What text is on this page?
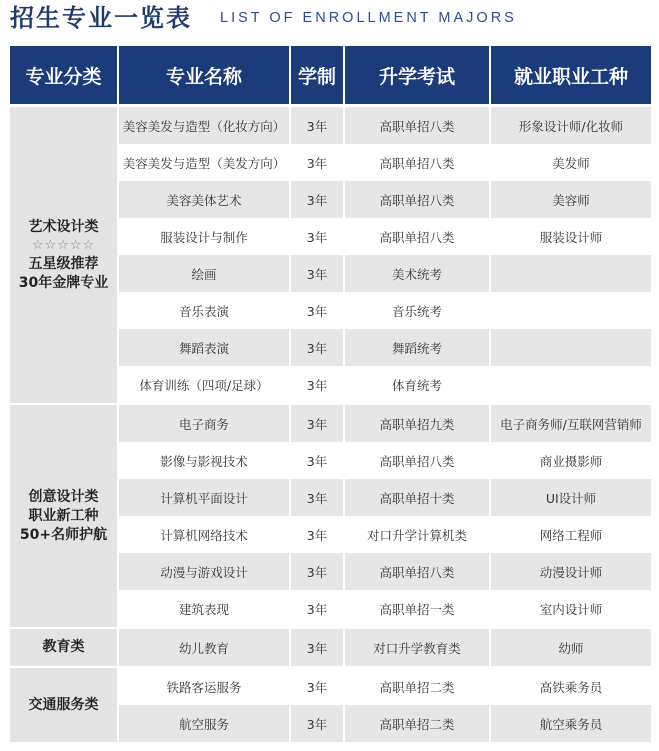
招生专业一览表 LIST OF ENROLLMENT MAJORS
专业分类	专业名称	学制	升学考试	就业职业工种
艺术设计类
☆☆☆☆☆
五星级推荐
30年金牌专业
美容美发与造型（化妆方向）	3年	高职单招八类	形象设计师/化妆师
美容美发与造型（美发方向）	3年	高职单招八类	美发师
美容美体艺术	3年	高职单招八类	美容师
服装设计与制作	3年	高职单招八类	服装设计师
绘画	3年	美术统考
音乐表演	3年	音乐统考
舞蹈表演	3年	舞蹈统考
体育训练（四项/足球）	3年	体育统考
创意设计类
职业新工种
50+名师护航
电子商务	3年	高职单招九类	电子商务师/互联网营销师
影像与影视技术	3年	高职单招八类	商业摄影师
计算机平面设计	3年	高职单招十类	UI设计师
计算机网络技术	3年	对口升学计算机类	网络工程师
动漫与游戏设计	3年	高职单招八类	动漫设计师
建筑表现	3年	高职单招一类	室内设计师
教育类	幼儿教育	3年	对口升学教育类	幼师
交通服务类
铁路客运服务	3年	高职单招二类	高铁乘务员
航空服务	3年	高职单招二类	航空乘务员
